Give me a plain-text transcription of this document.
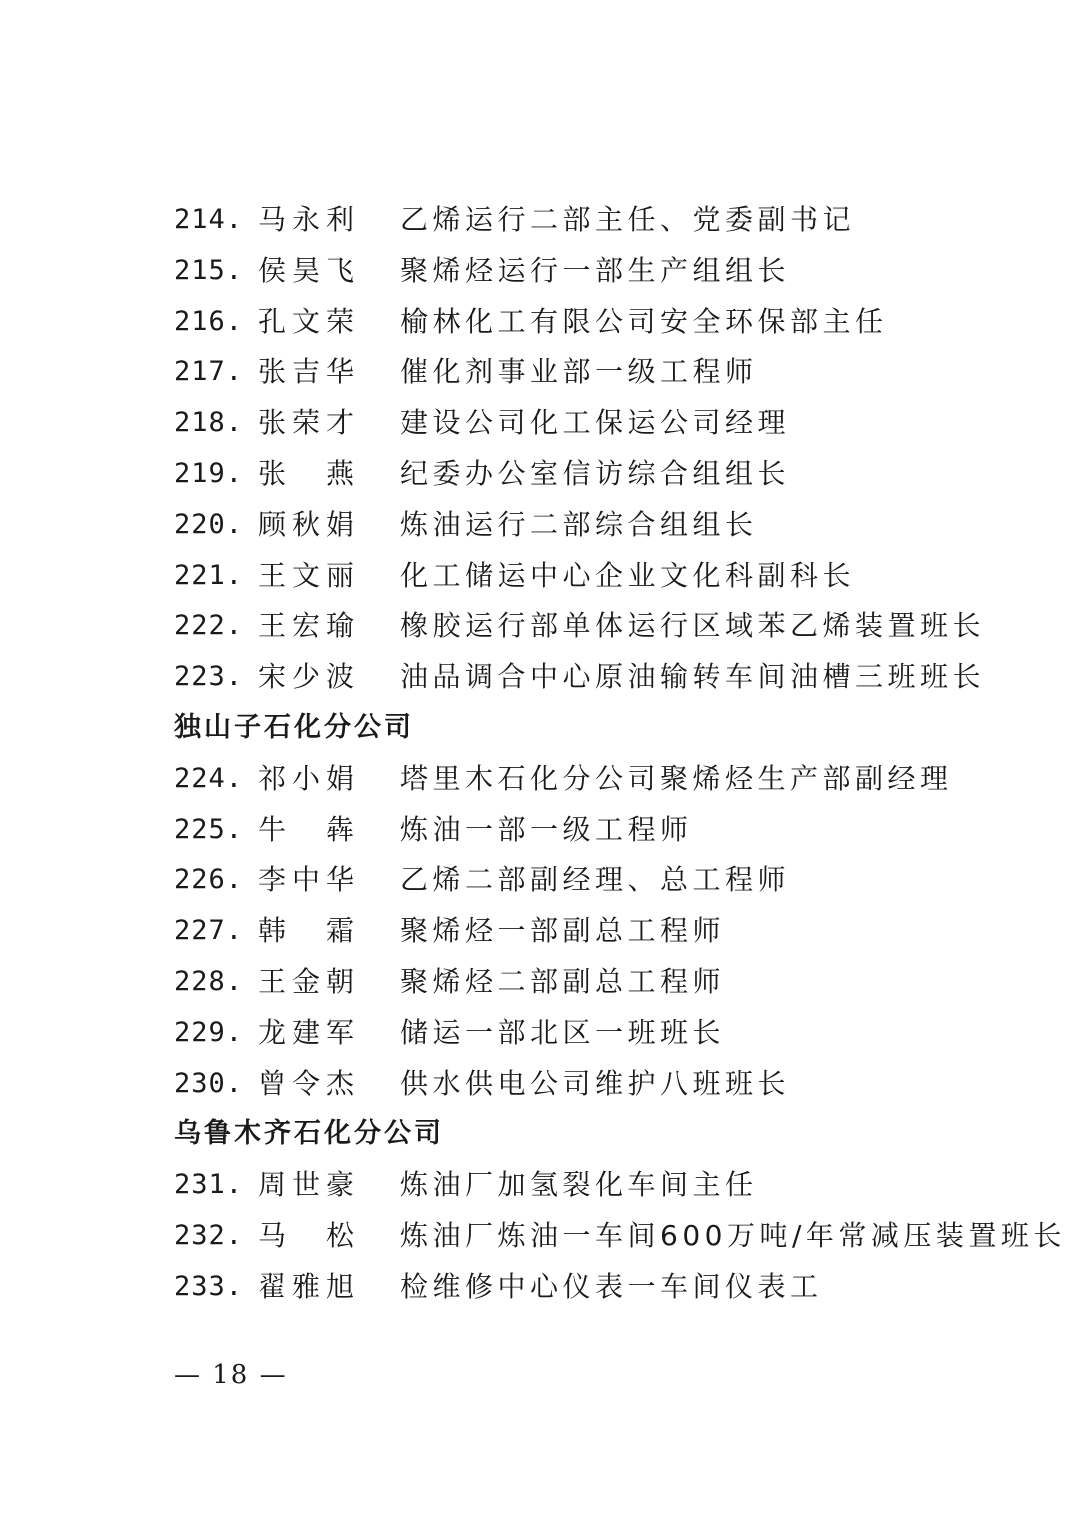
214. 马 永 利 乙烯运行二部主任、党委副书记
215. 侯 昊 飞 聚烯烃运行一部生产组组长
216. 孔 文 荣 榆林化工有限公司安全环保部主任
217. 张 吉 华 催化剂事业部一级工程师
218. 张 荣 才 建设公司化工保运公司经理
219. 张 燕 纪委办公室信访综合组组长
220. 顾 秋 娟 炼油运行二部综合组组长
221. 王 文 丽 化工储运中心企业文化科副科长
222. 王 宏 瑜 橡胶运行部单体运行区域苯乙烯装置班长
223. 宋 少 波 油品调合中心原油输转车间油槽三班班长
独山子石化分公司
224. 祁 小 娟 塔里木石化分公司聚烯烃生产部副经理
225. 牛 犇 炼油一部一级工程师
226. 李 中 华 乙烯二部副经理、总工程师
227. 韩 霜 聚烯烃一部副总工程师
228. 王 金 朝 聚烯烃二部副总工程师
229. 龙 建 军 储运一部北区一班班长
230. 曾 令 杰 供水供电公司维护八班班长
乌鲁木齐石化分公司
231. 周 世 豪 炼油厂加氢裂化车间主任
232. 马 松 炼油厂炼油一车间600万吨/年常减压装置班长
233. 翟 雅 旭 检维修中心仪表一车间仪表工
— 18 —
